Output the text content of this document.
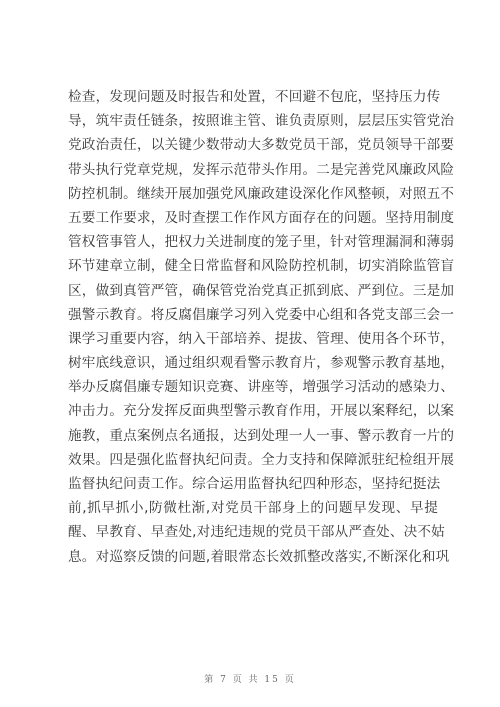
检查，发现问题及时报告和处置，不回避不包庇，坚持压力传
导，筑牢责任链条，按照谁主管、谁负责原则，层层压实管党治
党政治责任，以关键少数带动大多数党员干部，党员领导干部要
带头执行党章党规，发挥示范带头作用。二是完善党风廉政风险
防控机制。继续开展加强党风廉政建设深化作风整顿，对照五不
五要工作要求，及时查摆工作作风方面存在的问题。坚持用制度
管权管事管人，把权力关进制度的笼子里，针对管理漏洞和薄弱
环节建章立制，健全日常监督和风险防控机制，切实消除监管盲
区，做到真管严管，确保管党治党真正抓到底、严到位。三是加
强警示教育。将反腐倡廉学习列入党委中心组和各党支部三会一
课学习重要内容，纳入干部培养、提拔、管理、使用各个环节，
树牢底线意识，通过组织观看警示教育片，参观警示教育基地，
举办反腐倡廉专题知识竞赛、讲座等，增强学习活动的感染力、
冲击力。充分发挥反面典型警示教育作用，开展以案释纪，以案
施教，重点案例点名通报，达到处理一人一事、警示教育一片的
效果。四是强化监督执纪问责。全力支持和保障派驻纪检组开展
监督执纪问责工作。综合运用监督执纪四种形态，坚持纪挺法
前,抓早抓小,防微杜渐,对党员干部身上的问题早发现、早提
醒、早教育、早查处,对违纪违规的党员干部从严查处、决不姑
息。对巡察反馈的问题,着眼常态长效抓整改落实,不断深化和巩
第 7 页 共 15 页
